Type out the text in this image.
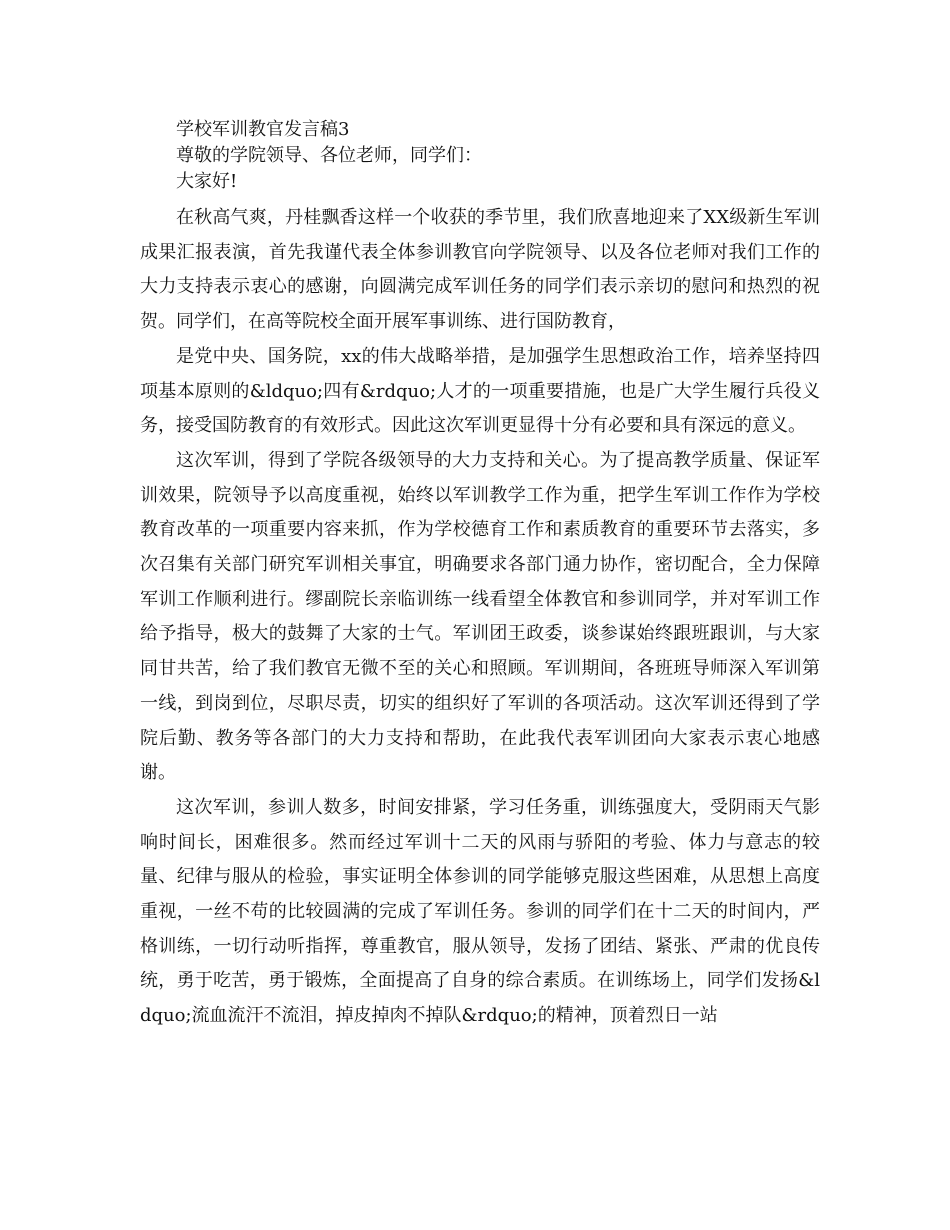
学校军训教官发言稿3

尊敬的学院领导、各位老师，同学们：

大家好!

在秋高气爽，丹桂飘香这样一个收获的季节里，我们欣喜地迎来了XX级新生军训成果汇报表演，首先我谨代表全体参训教官向学院领导、以及各位老师对我们工作的大力支持表示衷心的感谢，向圆满完成军训任务的同学们表示亲切的慰问和热烈的祝贺。同学们，在高等院校全面开展军事训练、进行国防教育，

是党中央、国务院，xx的伟大战略举措，是加强学生思想政治工作，培养坚持四项基本原则的&ldquo;四有&rdquo;人才的一项重要措施，也是广大学生履行兵役义务，接受国防教育的有效形式。因此这次军训更显得十分有必要和具有深远的意义。

这次军训，得到了学院各级领导的大力支持和关心。为了提高教学质量、保证军训效果，院领导予以高度重视，始终以军训教学工作为重，把学生军训工作作为学校教育改革的一项重要内容来抓，作为学校德育工作和素质教育的重要环节去落实，多次召集有关部门研究军训相关事宜，明确要求各部门通力协作，密切配合，全力保障军训工作顺利进行。缪副院长亲临训练一线看望全体教官和参训同学，并对军训工作给予指导，极大的鼓舞了大家的士气。军训团王政委，谈参谋始终跟班跟训，与大家同甘共苦，给了我们教官无微不至的关心和照顾。军训期间，各班班导师深入军训第一线，到岗到位，尽职尽责，切实的组织好了军训的各项活动。这次军训还得到了学院后勤、教务等各部门的大力支持和帮助，在此我代表军训团向大家表示衷心地感谢。

这次军训，参训人数多，时间安排紧，学习任务重，训练强度大，受阴雨天气影响时间长，困难很多。然而经过军训十二天的风雨与骄阳的考验、体力与意志的较量、纪律与服从的检验，事实证明全体参训的同学能够克服这些困难，从思想上高度重视，一丝不苟的比较圆满的完成了军训任务。参训的同学们在十二天的时间内，严格训练，一切行动听指挥，尊重教官，服从领导，发扬了团结、紧张、严肃的优良传统，勇于吃苦，勇于锻炼，全面提高了自身的综合素质。在训练场上，同学们发扬&ldquo;流血流汗不流泪，掉皮掉肉不掉队&rdquo;的精神，顶着烈日一站
